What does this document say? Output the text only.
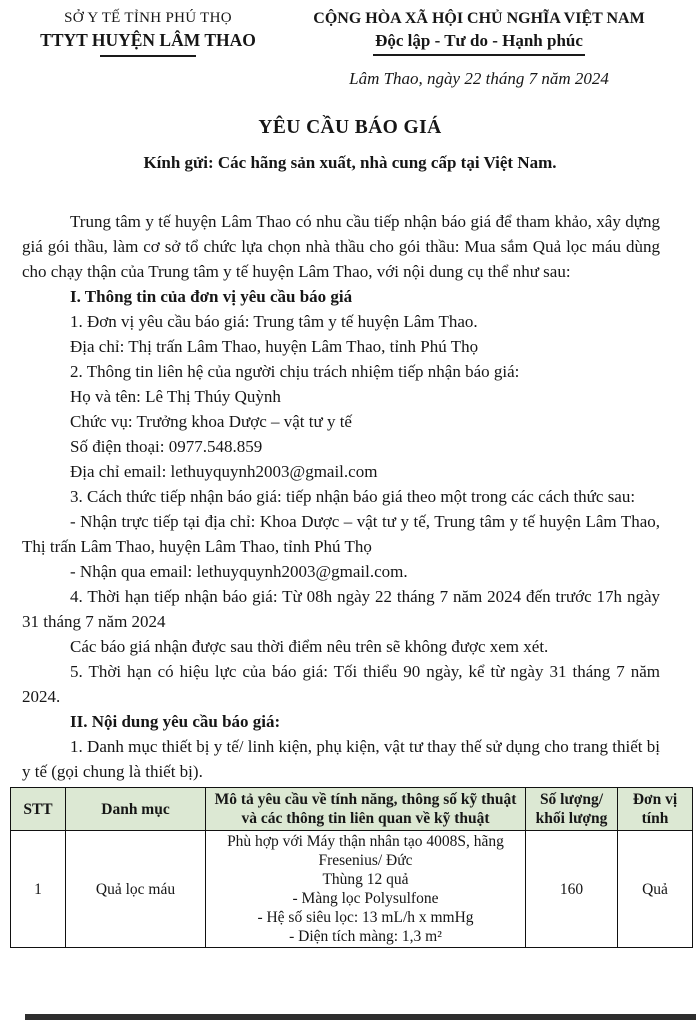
SỞ Y TẾ TỈNH PHÚ THỌ
TTYT HUYỆN LÂM THAO
CỘNG HÒA XÃ HỘI CHỦ NGHĨA VIỆT NAM
Độc lập - Tư do - Hạnh phúc
Lâm Thao, ngày 22 tháng 7 năm 2024
YÊU CẦU BÁO GIÁ
Kính gửi: Các hãng sản xuất, nhà cung cấp tại Việt Nam.

Trung tâm y tế huyện Lâm Thao có nhu cầu tiếp nhận báo giá để tham khảo, xây dựng giá gói thầu, làm cơ sở tổ chức lựa chọn nhà thầu cho gói thầu: Mua sắm Quả lọc máu dùng cho chạy thận của Trung tâm y tế huyện Lâm Thao, với nội dung cụ thể như sau:

I. Thông tin của đơn vị yêu cầu báo giá

1. Đơn vị yêu cầu báo giá: Trung tâm y tế huyện Lâm Thao.

Địa chỉ: Thị trấn Lâm Thao, huyện Lâm Thao, tỉnh Phú Thọ

2. Thông tin liên hệ của người chịu trách nhiệm tiếp nhận báo giá:

Họ và tên: Lê Thị Thúy Quỳnh

Chức vụ: Trưởng khoa Dược – vật tư y tế

Số điện thoại: 0977.548.859

Địa chỉ email: lethuyquynh2003@gmail.com

3. Cách thức tiếp nhận báo giá: tiếp nhận báo giá theo một trong các cách thức sau:

- Nhận trực tiếp tại địa chỉ: Khoa Dược – vật tư y tế, Trung tâm y tế huyện Lâm Thao, Thị trấn Lâm Thao, huyện Lâm Thao, tỉnh Phú Thọ

- Nhận qua email: lethuyquynh2003@gmail.com.

4. Thời hạn tiếp nhận báo giá: Từ 08h ngày 22 tháng 7 năm 2024 đến trước 17h ngày 31 tháng 7 năm 2024

Các báo giá nhận được sau thời điểm nêu trên sẽ không được xem xét.

5. Thời hạn có hiệu lực của báo giá: Tối thiểu 90 ngày, kể từ ngày 31 tháng 7 năm 2024.

II. Nội dung yêu cầu báo giá:

1. Danh mục thiết bị y tế/ linh kiện, phụ kiện, vật tư thay thế sử dụng cho trang thiết bị y tế (gọi chung là thiết bị).

STT	Danh mục	Mô tả yêu cầu về tính năng, thông số kỹ thuật và các thông tin liên quan về kỹ thuật	Số lượng/ khối lượng	Đơn vị tính
1	Quả lọc máu	Phù hợp với Máy thận nhân tạo 4008S, hãng Fresenius/ Đức
Thùng 12 quả
- Màng lọc Polysulfone
- Hệ số siêu lọc: 13 mL/h x mmHg
- Diện tích màng: 1,3 m²	160	Quả
